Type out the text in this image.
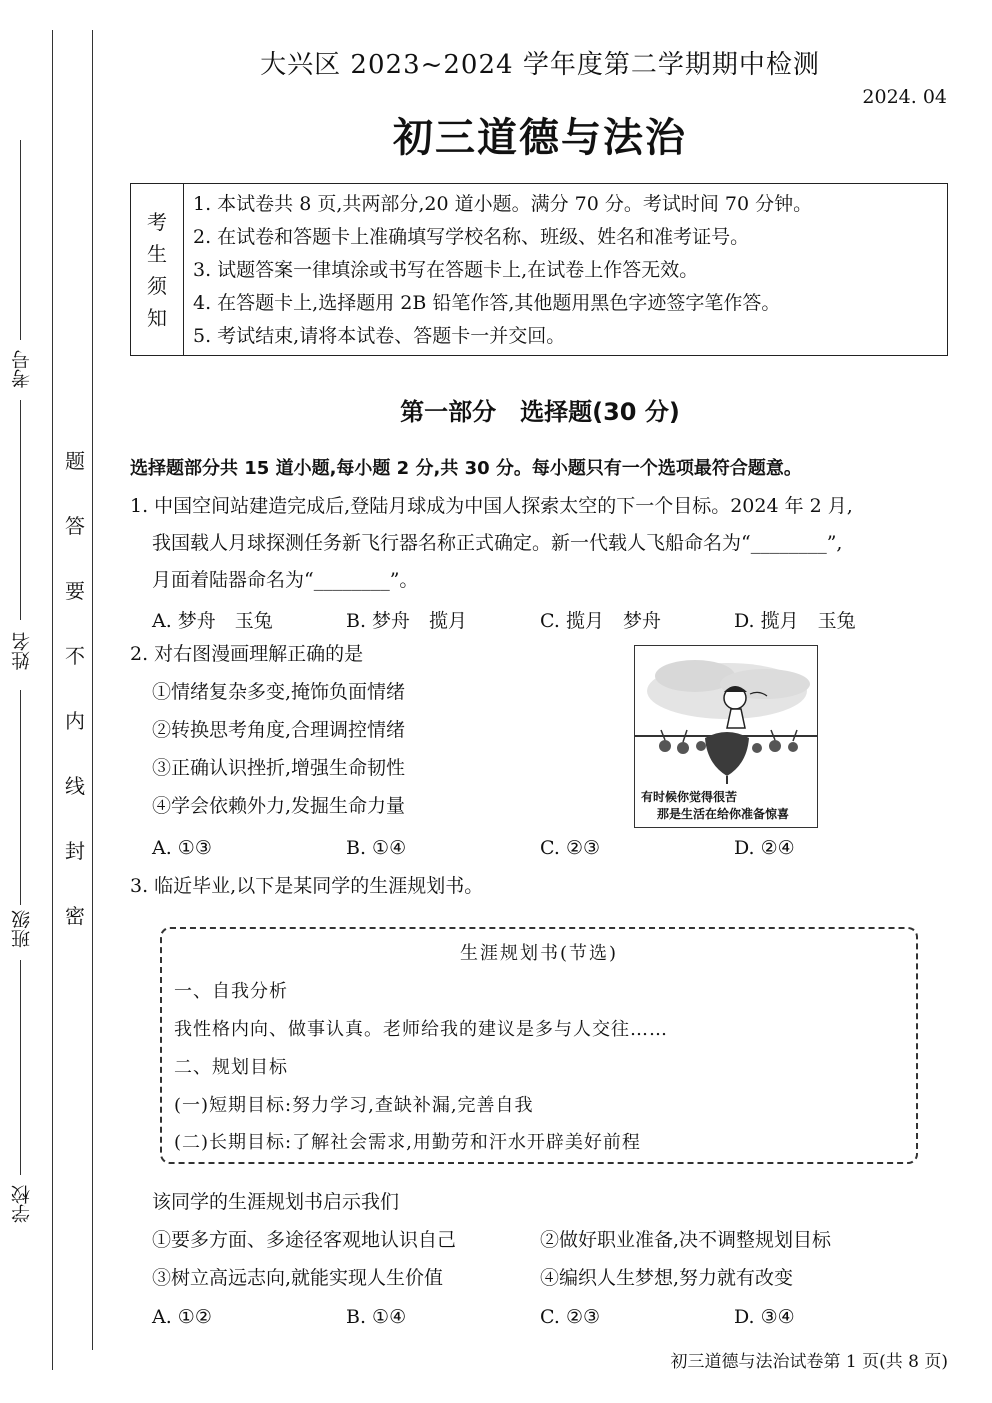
考号
姓名
班级
学校
题
答
要
不
内
线
封
密
大兴区 2023~2024 学年度第二学期期中检测
2024. 04
初三道德与法治
考
生
须
知
1. 本试卷共 8 页,共两部分,20 道小题。满分 70 分。考试时间 70 分钟。
2. 在试卷和答题卡上准确填写学校名称、班级、姓名和准考证号。
3. 试题答案一律填涂或书写在答题卡上,在试卷上作答无效。
4. 在答题卡上,选择题用 2B 铅笔作答,其他题用黑色字迹签字笔作答。
5. 考试结束,请将本试卷、答题卡一并交回。
第一部分　选择题(30 分)
选择题部分共 15 道小题,每小题 2 分,共 30 分。每小题只有一个选项最符合题意。
1. 中国空间站建造完成后,登陆月球成为中国人探索太空的下一个目标。2024 年 2 月,
我国载人月球探测任务新飞行器名称正式确定。新一代载人飞船命名为“________”,
月面着陆器命名为“________”。
A. 梦舟　玉兔	B. 梦舟　揽月	C. 揽月　梦舟	D. 揽月　玉兔
2. 对右图漫画理解正确的是
①情绪复杂多变,掩饰负面情绪
②转换思考角度,合理调控情绪
③正确认识挫折,增强生命韧性
④学会依赖外力,发掘生命力量	有时候你觉得很苦
那是生活在给你准备惊喜
A. ①③	B. ①④	C. ②③	D. ②④
3. 临近毕业,以下是某同学的生涯规划书。
生涯规划书(节选)
一、自我分析
我性格内向、做事认真。老师给我的建议是多与人交往……
二、规划目标
(一)短期目标:努力学习,查缺补漏,完善自我
(二)长期目标:了解社会需求,用勤劳和汗水开辟美好前程
该同学的生涯规划书启示我们
①要多方面、多途径客观地认识自己	②做好职业准备,决不调整规划目标
③树立高远志向,就能实现人生价值	④编织人生梦想,努力就有改变
A. ①②	B. ①④	C. ②③	D. ③④
初三道德与法治试卷第 1 页(共 8 页)
